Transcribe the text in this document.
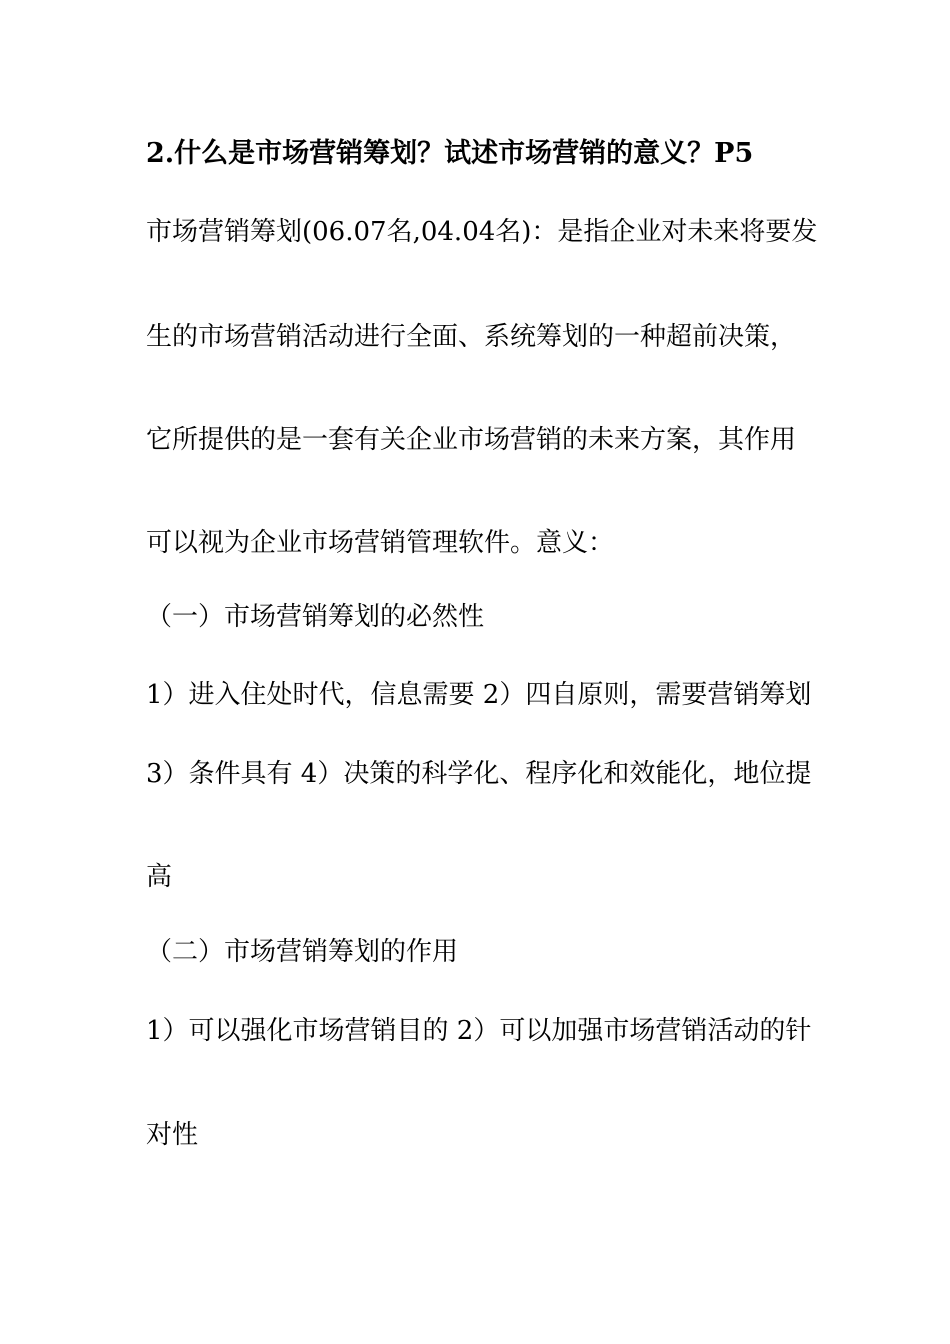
2.什么是市场营销筹划？试述市场营销的意义？P5
市场营销筹划(06.07名,04.04名)：是指企业对未来将要发
生的市场营销活动进行全面、系统筹划的一种超前决策，
它所提供的是一套有关企业市场营销的未来方案，其作用
可以视为企业市场营销管理软件。意义：
（一）市场营销筹划的必然性
1）进入住处时代，信息需要 2）四自原则，需要营销筹划
3）条件具有 4）决策的科学化、程序化和效能化，地位提
高
（二）市场营销筹划的作用
1）可以强化市场营销目的 2）可以加强市场营销活动的针
对性
